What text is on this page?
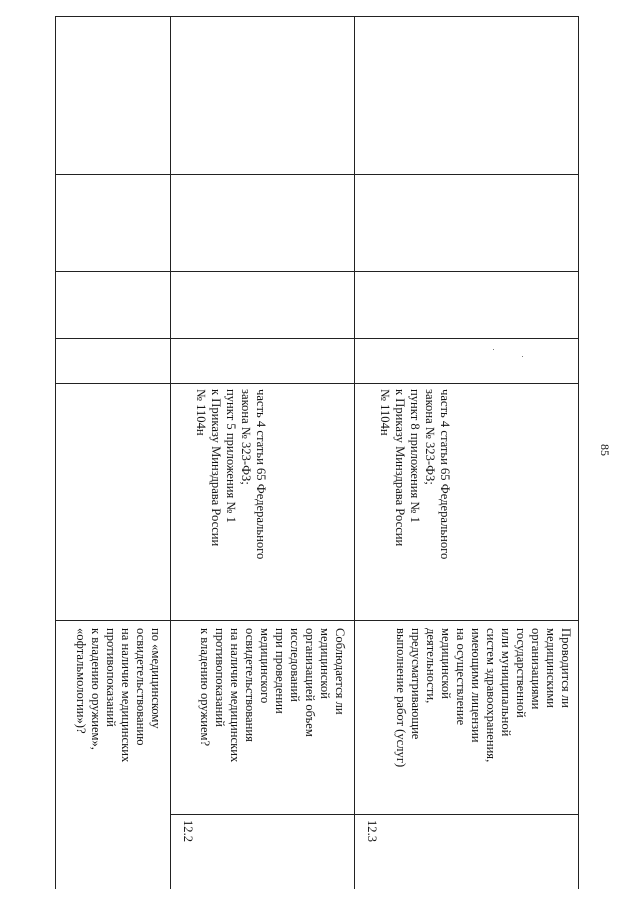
85
по «медицинскому
освидетельствованию
на наличие медицинских
противопоказаний
к владению оружием»,
«офтальмологии»)?
12.2
Соблюдается ли
медицинской
организацией объем
исследований
при проведении
медицинского
освидетельствования
на наличие медицинских
противопоказаний
к владению оружием?
часть 4 статьи 65 Федерального
закона № 323-ФЗ;
пункт 5 приложения № 1
к Приказу Минздрава России
№ 1104н
12.3
Проводится ли
медицинскими
организациями
государственной
или муниципальной
систем здравоохранения,
имеющими лицензии
на осуществление
медицинской
деятельности,
предусматривающие
выполнение работ (услуг)
часть 4 статьи 65 Федерального
закона № 323-ФЗ;
пункт 8 приложения № 1
к Приказу Минздрава России
№ 1104н
